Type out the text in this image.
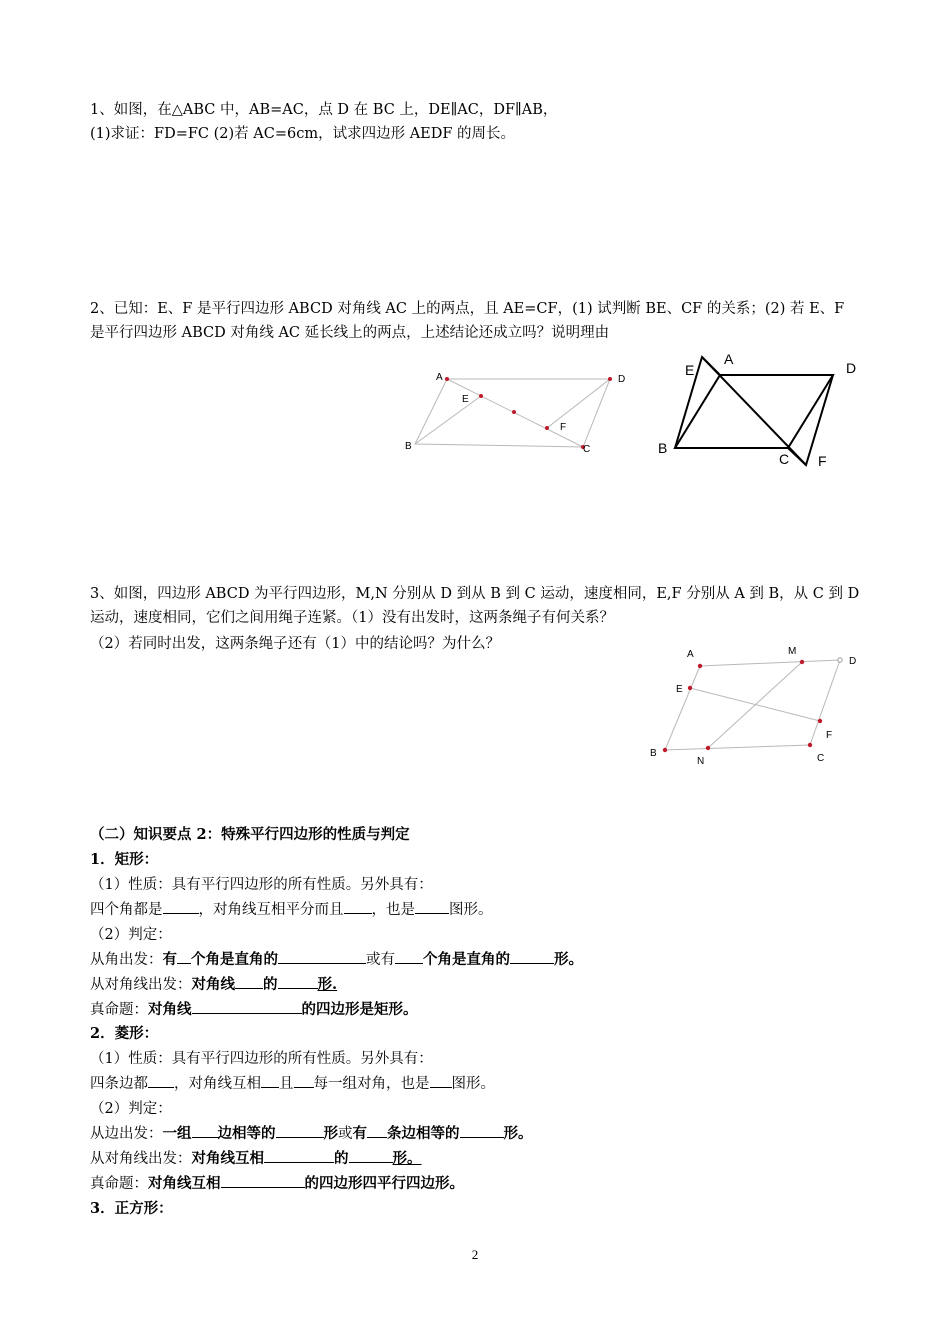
1、如图，在△ABC 中，AB=AC，点 D 在 BC 上，DE∥AC，DF∥AB，
(1)求证：FD=FC (2)若 AC=6cm，试求四边形 AEDF 的周长。
2、已知：E、F 是平行四边形 ABCD 对角线 AC 上的两点，且 AE=CF，(1) 试判断 BE、CF 的关系；(2) 若 E、F
是平行四边形 ABCD 对角线 AC 延长线上的两点，上述结论还成立吗？说明理由
A	D
E
F
B	C
A
E	D
B
C F
3、如图，四边形 ABCD 为平行四边形，M,N 分别从 D 到从 B 到 C 运动，速度相同，E,F 分别从 A 到 B，从 C 到 D
运动，速度相同，它们之间用绳子连紧。（1）没有出发时，这两条绳子有何关系？
（2）若同时出发，这两条绳子还有（1）中的结论吗？为什么？
A	M
D
E
F
B
N	C
（二）知识要点 2：特殊平行四边形的性质与判定
1．矩形：
（1）性质：具有平行四边形的所有性质。另外具有：
四个角都是 ，对角线互相平分而且 ，也是 图形。
（2）判定：
从角出发：有 个角是直角的	或有 个角是直角的	形。
从对角线出发：对角线 的	形.
真命题：对角线	的四边形是矩形。
2．菱形：
（1）性质：具有平行四边形的所有性质。另外具有：
四条边都 ，对角线互相 且 每一组对角，也是 图形。
（2）判定：
从边出发：一组 边相等的	形或有 条边相等的	形。
从对角线出发：对角线互相	的	形。
真命题：对角线互相	的四边形四平行四边形。
3．正方形：
2
